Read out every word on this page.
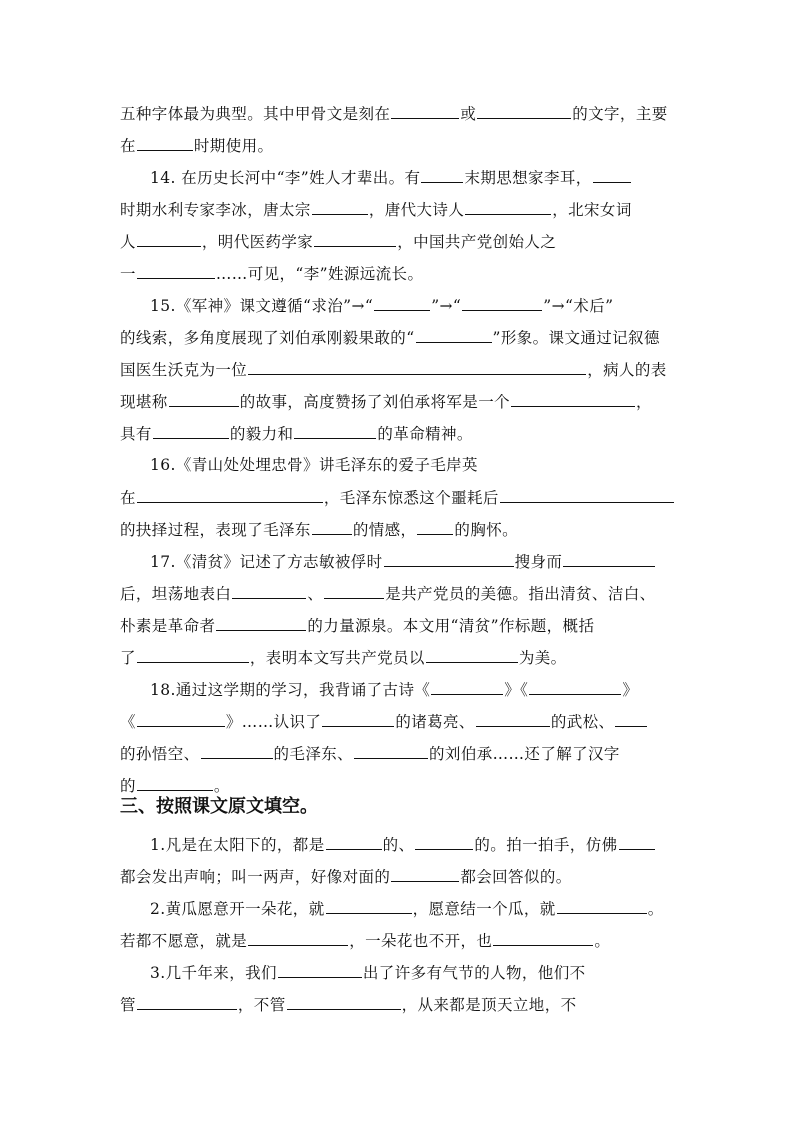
五种字体最为典型。其中甲骨文是刻在	或	的文字，主要
在	时期使用。
14. 在历史长河中“李”姓人才辈出。有	末期思想家李耳，
时期水利专家李冰，唐太宗	，唐代大诗人	，北宋女词
人	，明代医药学家	，中国共产党创始人之
一	……可见，“李”姓源远流长。
15.《军神》课文遵循“求治”→“	”→“	”→“术后”
的线索，多角度展现了刘伯承刚毅果敢的“	”形象。课文通过记叙德
国医生沃克为一位	，病人的表
现堪称	的故事，高度赞扬了刘伯承将军是一个	，
具有	的毅力和	的革命精神。
16.《青山处处埋忠骨》讲毛泽东的爱子毛岸英
在	，毛泽东惊悉这个噩耗后
的抉择过程，表现了毛泽东	的情感， 的胸怀。
17.《清贫》记述了方志敏被俘时	搜身而
后，坦荡地表白	、	是共产党员的美德。指出清贫、洁白、
朴素是革命者	的力量源泉。本文用“清贫”作标题，概括
了	，表明本文写共产党员以	为美。
18.通过这学期的学习，我背诵了古诗《	》《	》
《	》……认识了	的诸葛亮、	的武松、
的孙悟空、	的毛泽东、	的刘伯承……还了解了汉字
的	。
三、按照课文原文填空。
1.凡是在太阳下的，都是	的、	的。拍一拍手，仿佛
都会发出声响；叫一两声，好像对面的	都会回答似的。
2.黄瓜愿意开一朵花，就	，愿意结一个瓜，就	。
若都不愿意，就是	，一朵花也不开，也	。
3.几千年来，我们	出了许多有气节的人物，他们不
管	，不管	，从来都是顶天立地，不
